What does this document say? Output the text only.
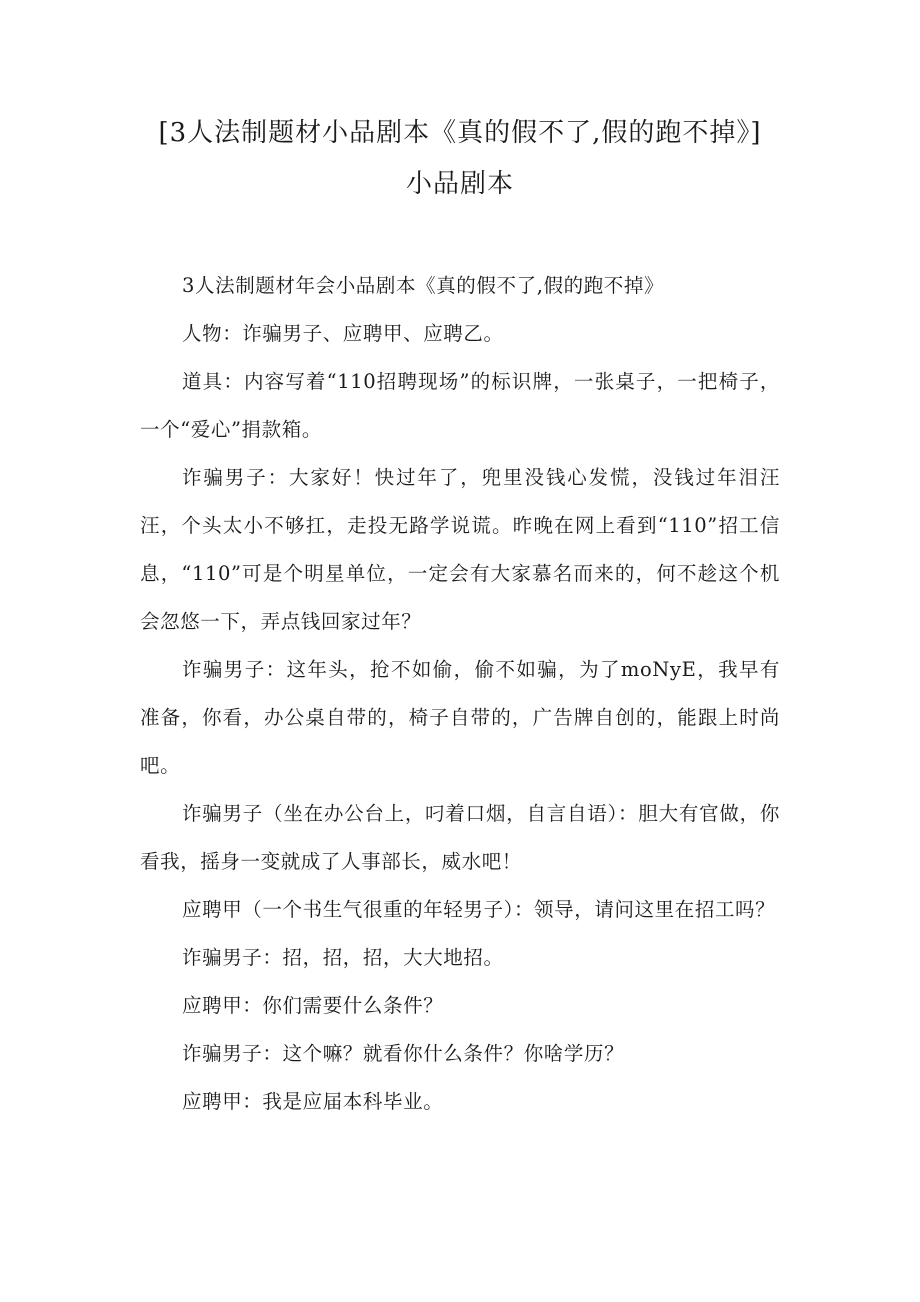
[3人法制题材小品剧本《真的假不了,假的跑不掉》]
小品剧本

3人法制题材年会小品剧本《真的假不了,假的跑不掉》

人物：诈骗男子、应聘甲、应聘乙。

道具：内容写着“110招聘现场”的标识牌，一张桌子，一把椅子，一个“爱心”捐款箱。

诈骗男子：大家好！快过年了，兜里没钱心发慌，没钱过年泪汪汪，个头太小不够扛，走投无路学说谎。昨晚在网上看到“110”招工信息，“110”可是个明星单位，一定会有大家慕名而来的，何不趁这个机会忽悠一下，弄点钱回家过年？

诈骗男子：这年头，抢不如偷，偷不如骗，为了moNyE，我早有准备，你看，办公桌自带的，椅子自带的，广告牌自创的，能跟上时尚吧。

诈骗男子（坐在办公台上，叼着口烟，自言自语）：胆大有官做，你看我，摇身一变就成了人事部长，威水吧！

应聘甲（一个书生气很重的年轻男子）：领导，请问这里在招工吗？

诈骗男子：招，招，招，大大地招。

应聘甲：你们需要什么条件？

诈骗男子：这个嘛？就看你什么条件？你啥学历？

应聘甲：我是应届本科毕业。
